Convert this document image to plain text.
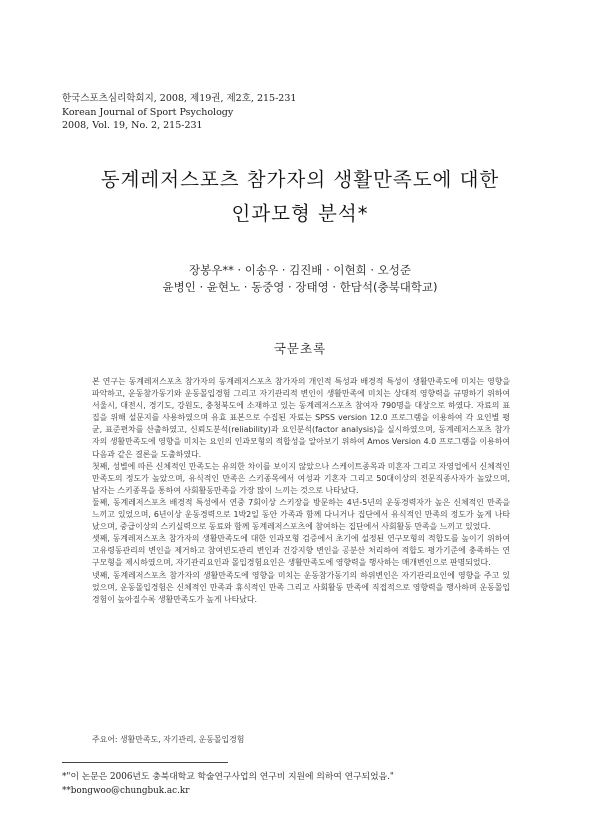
한국스포츠심리학회지, 2008, 제19권, 제2호, 215-231
Korean Journal of Sport Psychology
2008, Vol. 19, No. 2, 215-231
동계레저스포츠 참가자의 생활만족도에 대한
인과모형 분석*
장봉우** · 이송우 · 김진배 · 이현희 · 오성준
윤병인 · 윤현노 · 동중영 · 장태영 · 한담석(충북대학교)
국문초록

본 연구는 동계레저스포츠 참가자의 동계레저스포츠 참가자의 개인적 특성과 배경적 특성이 생활만족도에 미치는 영향을 파악하고, 운동참가동기와 운동몰입경험 그리고 자기관리적 변인이 생활만족에 미치는 상대적 영향력을 규명하기 위하여 서울시, 대전시, 경기도, 강원도, 충청북도에 소재하고 있는 동계레저스포츠 참여자 790명을 대상으로 하였다. 자료의 표집을 위해 설문지를 사용하였으며 유효 표본으로 수집된 자료는 SPSS version 12.0 프로그램을 이용하여 각 요인별 평균, 표준편차를 산출하였고, 신뢰도분석(reliability)과 요인분석(factor analysis)을 실시하였으며, 동계레저스포츠 참가자의 생활만족도에 영향을 미치는 요인의 인과모형의 적합성을 알아보기 위하여 Amos Version 4.0 프로그램을 이용하여 다음과 같은 결론을 도출하였다.

첫째, 성별에 따른 신체적인 만족도는 유의한 차이를 보이지 않았으나 스케이트종목과 미혼자 그리고 자영업에서 신체적인 만족도의 정도가 높았으며, 유식적인 만족은 스키종목에서 여성과 기혼자 그리고 50대이상의 전문직종사자가 높았으며, 남자는 스키종목을 통하여 사회활동만족을 가장 많이 느끼는 것으로 나타났다.

둘째, 동계레저스포츠 배경적 특성에서 연중 7회이상 스키장을 방문하는 4년-5년의 운동경력자가 높은 신체적인 만족을 느끼고 있었으며, 6년이상 운동경력으로 1박2일 동안 가족과 함께 다니거나 집단에서 유식적인 만족의 정도가 높게 나타났으며, 중급이상의 스키실력으로 동료와 함께 동계레저스포츠에 참여하는 집단에서 사회활동 만족을 느끼고 있었다.

셋째, 동계레저스포츠 참가자의 생활만족도에 대한 인과모형 검증에서 초기에 설정된 연구모형의 적합도를 높이기 위하여 고유령동관리의 변인을 제거하고 참여빈도관리 변인과 건강지향 변인을 공분산 처리하여 적합도 평가기준에 충족하는 연구모형을 제시하였으며, 자기관리요인과 몰입경험요인은 생활만족도에 영향력을 행사하는 매개변인으로 판명되었다.

넷째, 동계레저스포츠 참가자의 생활만족도에 영향을 미치는 운동참가동기의 하위변인은 자기관리요인에 영향을 주고 있었으며, 운동몰입경험은 신체적인 만족과 휴식적인 만족 그리고 사회활동 만족에 직접적으로 영향력을 행사하며 운동몰입경험이 높아질수록 생활만족도가 높게 나타났다.

주요어: 생활만족도, 자기관리, 운동몰입경험
*"이 논문은 2006년도 충북대학교 학술연구사업의 연구비 지원에 의하여 연구되었음."
**bongwoo@chungbuk.ac.kr
